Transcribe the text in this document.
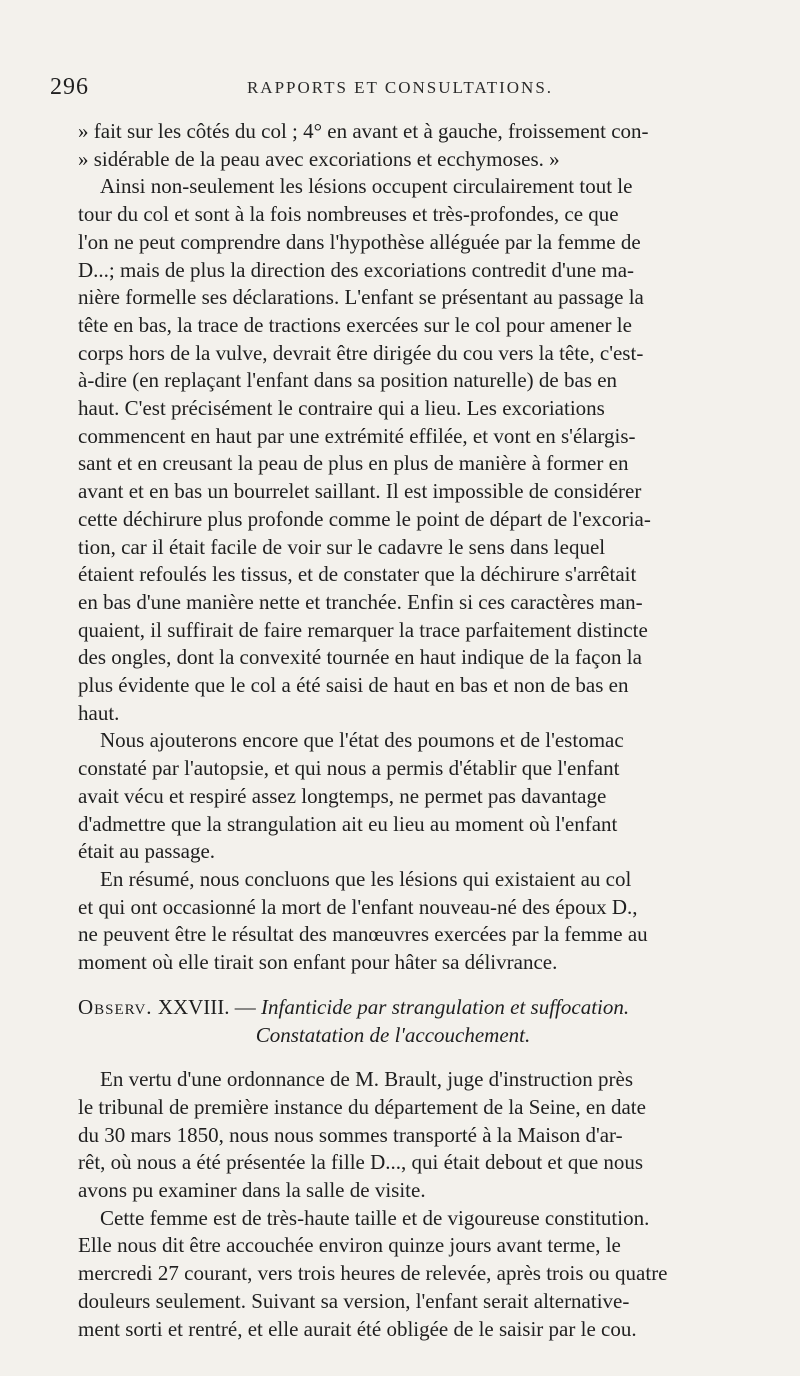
296	RAPPORTS ET CONSULTATIONS.

» fait sur les côtés du col ; 4° en avant et à gauche, froissement con-
» sidérable de la peau avec excoriations et ecchymoses. »

Ainsi non-seulement les lésions occupent circulairement tout le

tour du col et sont à la fois nombreuses et très-profondes, ce que
l'on ne peut comprendre dans l'hypothèse alléguée par la femme de
D...; mais de plus la direction des excoriations contredit d'une ma-
nière formelle ses déclarations. L'enfant se présentant au passage la
tête en bas, la trace de tractions exercées sur le col pour amener le
corps hors de la vulve, devrait être dirigée du cou vers la tête, c'est-
à-dire (en replaçant l'enfant dans sa position naturelle) de bas en
haut. C'est précisément le contraire qui a lieu. Les excoriations
commencent en haut par une extrémité effilée, et vont en s'élargis-
sant et en creusant la peau de plus en plus de manière à former en
avant et en bas un bourrelet saillant. Il est impossible de considérer
cette déchirure plus profonde comme le point de départ de l'excoria-
tion, car il était facile de voir sur le cadavre le sens dans lequel
étaient refoulés les tissus, et de constater que la déchirure s'arrêtait
en bas d'une manière nette et tranchée. Enfin si ces caractères man-
quaient, il suffirait de faire remarquer la trace parfaitement distincte
des ongles, dont la convexité tournée en haut indique de la façon la
plus évidente que le col a été saisi de haut en bas et non de bas en
haut.

Nous ajouterons encore que l'état des poumons et de l'estomac
constaté par l'autopsie, et qui nous a permis d'établir que l'enfant
avait vécu et respiré assez longtemps, ne permet pas davantage
d'admettre que la strangulation ait eu lieu au moment où l'enfant
était au passage.

En résumé, nous concluons que les lésions qui existaient au col
et qui ont occasionné la mort de l'enfant nouveau-né des époux D.,
ne peuvent être le résultat des manœuvres exercées par la femme au
moment où elle tirait son enfant pour hâter sa délivrance.

Observ. XXVIII. — Infanticide par strangulation et suffocation.
Constatation de l'accouchement.

En vertu d'une ordonnance de M. Brault, juge d'instruction près
le tribunal de première instance du département de la Seine, en date
du 30 mars 1850, nous nous sommes transporté à la Maison d'ar-
rêt, où nous a été présentée la fille D..., qui était debout et que nous
avons pu examiner dans la salle de visite.

Cette femme est de très-haute taille et de vigoureuse constitution.
Elle nous dit être accouchée environ quinze jours avant terme, le
mercredi 27 courant, vers trois heures de relevée, après trois ou quatre
douleurs seulement. Suivant sa version, l'enfant serait alternative-
ment sorti et rentré, et elle aurait été obligée de le saisir par le cou.
